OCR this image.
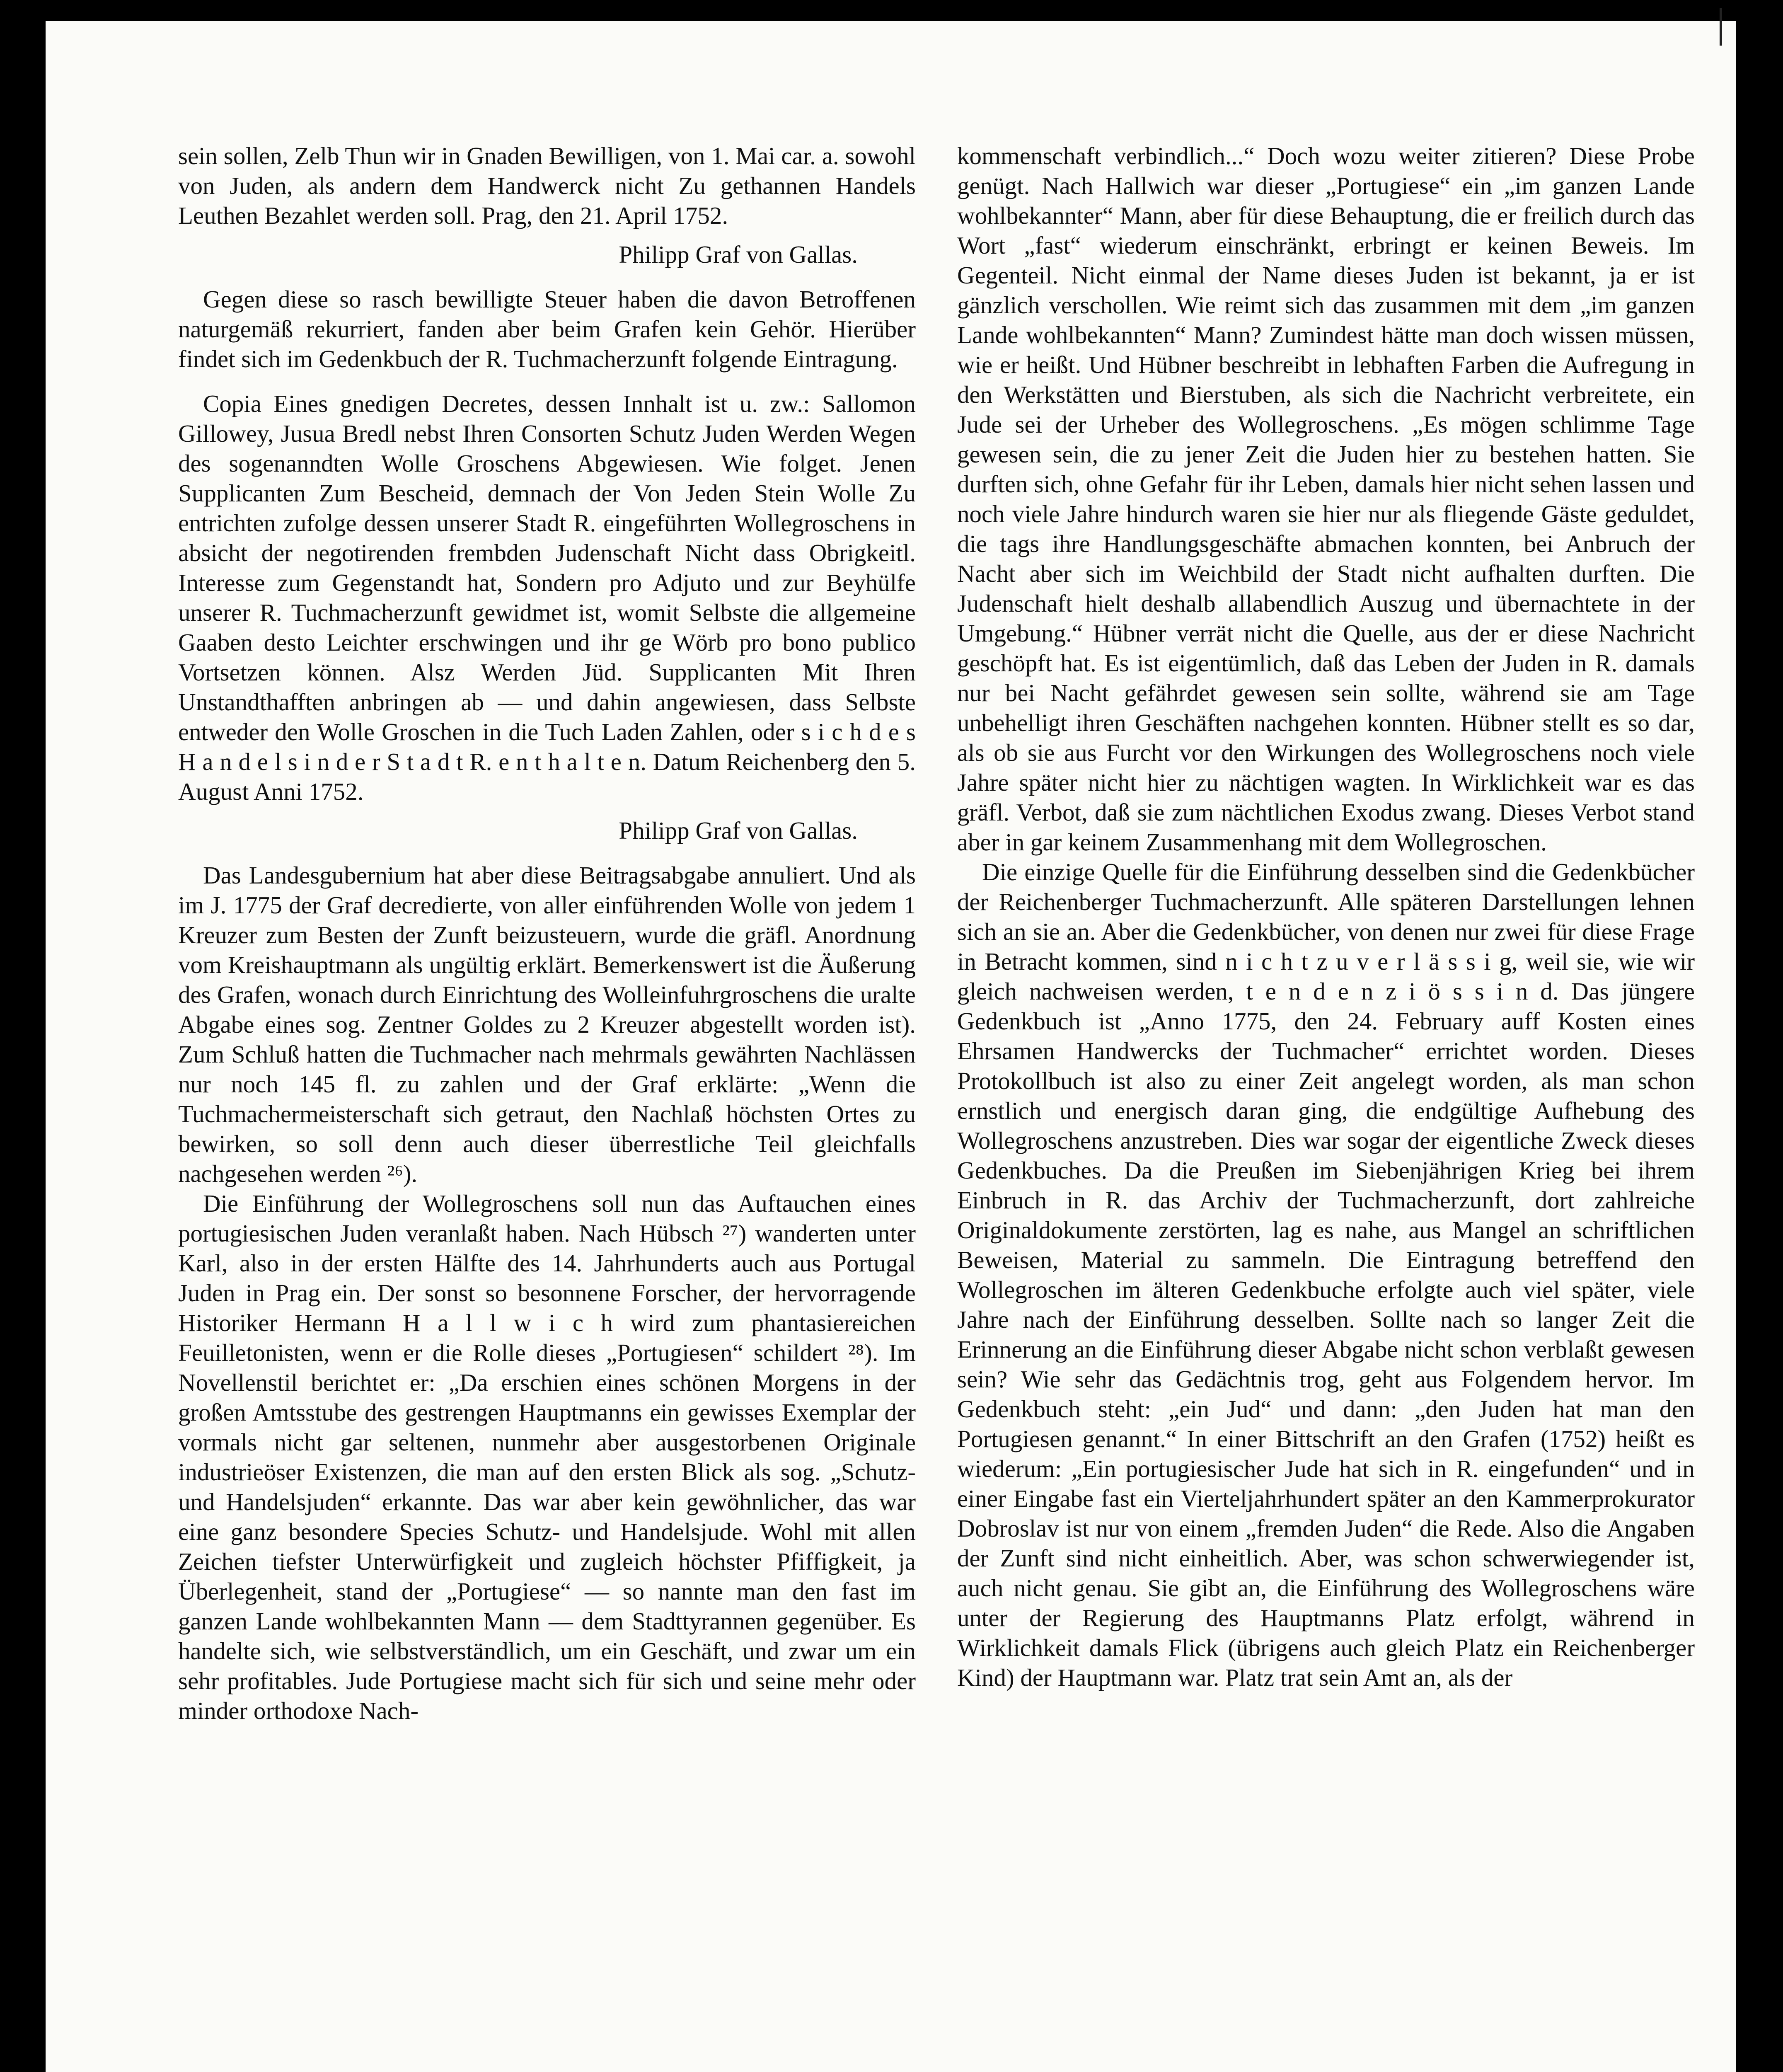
sein sollen, Zelb Thun wir in Gnaden Bewilligen, von 1. Mai car. a. sowohl von Juden, als andern dem Handwerck nicht Zu gethannen Handels Leuthen Bezahlet werden soll. Prag, den 21. April 1752.

Philipp Graf von Gallas.

Gegen diese so rasch bewilligte Steuer haben die davon Betroffenen naturgemäß rekurriert, fanden aber beim Grafen kein Gehör. Hierüber findet sich im Gedenkbuch der R. Tuchmacherzunft folgende Eintragung.

Copia Eines gnedigen Decretes, dessen Innhalt ist u. zw.: Sallomon Gillowey, Jusua Bredl nebst Ihren Consorten Schutz Juden Werden Wegen des sogenanndten Wolle Groschens Abgewiesen. Wie folget. Jenen Supplicanten Zum Bescheid, demnach der Von Jeden Stein Wolle Zu entrichten zufolge dessen unserer Stadt R. eingeführten Wollegroschens in absicht der negotirenden frembden Judenschaft Nicht dass Obrigkeitl. Interesse zum Gegenstandt hat, Sondern pro Adjuto und zur Beyhülfe unserer R. Tuchmacherzunft gewidmet ist, womit Selbste die allgemeine Gaaben desto Leichter erschwingen und ihr ge Wörb pro bono publico Vortsetzen können. Alsz Werden Jüd. Supplicanten Mit Ihren Unstandthafften anbringen ab — und dahin angewiesen, dass Selbste entweder den Wolle Groschen in die Tuch Laden Zahlen, oder s i c h d e s H a n d e l s i n d e r S t a d t R. e n t h a l t e n. Datum Reichenberg den 5. August Anni 1752.

Philipp Graf von Gallas.

Das Landesgubernium hat aber diese Beitragsabgabe annuliert. Und als im J. 1775 der Graf decredierte, von aller einführenden Wolle von jedem 1 Kreuzer zum Besten der Zunft beizusteuern, wurde die gräfl. Anordnung vom Kreishauptmann als ungültig erklärt. Bemerkenswert ist die Äußerung des Grafen, wonach durch Einrichtung des Wolleinfuhrgroschens die uralte Abgabe eines sog. Zentner Goldes zu 2 Kreuzer abgestellt worden ist). Zum Schluß hatten die Tuchmacher nach mehrmals gewährten Nachlässen nur noch 145 fl. zu zahlen und der Graf erklärte: „Wenn die Tuchmachermeisterschaft sich getraut, den Nachlaß höchsten Ortes zu bewirken, so soll denn auch dieser überrestliche Teil gleichfalls nachgesehen werden ²⁶).

Die Einführung der Wollegroschens soll nun das Auftauchen eines portugiesischen Juden veranlaßt haben. Nach Hübsch ²⁷) wanderten unter Karl, also in der ersten Hälfte des 14. Jahrhunderts auch aus Portugal Juden in Prag ein. Der sonst so besonnene Forscher, der hervorragende Historiker Hermann H a l l w i c h wird zum phantasiereichen Feuilletonisten, wenn er die Rolle dieses „Portugiesen“ schildert ²⁸). Im Novellenstil berichtet er: „Da erschien eines schönen Morgens in der großen Amtsstube des gestrengen Hauptmanns ein gewisses Exemplar der vormals nicht gar seltenen, nunmehr aber ausgestorbenen Originale industrieöser Existenzen, die man auf den ersten Blick als sog. „Schutz- und Handelsjuden“ erkannte. Das war aber kein gewöhnlicher, das war eine ganz besondere Species Schutz- und Handelsjude. Wohl mit allen Zeichen tiefster Unterwürfigkeit und zugleich höchster Pfiffigkeit, ja Überlegenheit, stand der „Portugiese“ — so nannte man den fast im ganzen Lande wohlbekannten Mann — dem Stadttyrannen gegenüber. Es handelte sich, wie selbstverständlich, um ein Geschäft, und zwar um ein sehr profitables. Jude Portugiese macht sich für sich und seine mehr oder minder orthodoxe Nach-

kommenschaft verbindlich...“ Doch wozu weiter zitieren? Diese Probe genügt. Nach Hallwich war dieser „Portugiese“ ein „im ganzen Lande wohlbekannter“ Mann, aber für diese Behauptung, die er freilich durch das Wort „fast“ wiederum einschränkt, erbringt er keinen Beweis. Im Gegenteil. Nicht einmal der Name dieses Juden ist bekannt, ja er ist gänzlich verschollen. Wie reimt sich das zusammen mit dem „im ganzen Lande wohlbekannten“ Mann? Zumindest hätte man doch wissen müssen, wie er heißt. Und Hübner beschreibt in lebhaften Farben die Aufregung in den Werkstätten und Bierstuben, als sich die Nachricht verbreitete, ein Jude sei der Urheber des Wollegroschens. „Es mögen schlimme Tage gewesen sein, die zu jener Zeit die Juden hier zu bestehen hatten. Sie durften sich, ohne Gefahr für ihr Leben, damals hier nicht sehen lassen und noch viele Jahre hindurch waren sie hier nur als fliegende Gäste geduldet, die tags ihre Handlungsgeschäfte abmachen konnten, bei Anbruch der Nacht aber sich im Weichbild der Stadt nicht aufhalten durften. Die Judenschaft hielt deshalb allabendlich Auszug und übernachtete in der Umgebung.“ Hübner verrät nicht die Quelle, aus der er diese Nachricht geschöpft hat. Es ist eigentümlich, daß das Leben der Juden in R. damals nur bei Nacht gefährdet gewesen sein sollte, während sie am Tage unbehelligt ihren Geschäften nachgehen konnten. Hübner stellt es so dar, als ob sie aus Furcht vor den Wirkungen des Wollegroschens noch viele Jahre später nicht hier zu nächtigen wagten. In Wirklichkeit war es das gräfl. Verbot, daß sie zum nächtlichen Exodus zwang. Dieses Verbot stand aber in gar keinem Zusammenhang mit dem Wollegroschen.

Die einzige Quelle für die Einführung desselben sind die Gedenkbücher der Reichenberger Tuchmacherzunft. Alle späteren Darstellungen lehnen sich an sie an. Aber die Gedenkbücher, von denen nur zwei für diese Frage in Betracht kommen, sind n i c h t z u v e r l ä s s i g, weil sie, wie wir gleich nachweisen werden, t e n d e n z i ö s s i n d. Das jüngere Gedenkbuch ist „Anno 1775, den 24. February auff Kosten eines Ehrsamen Handwercks der Tuchmacher“ errichtet worden. Dieses Protokollbuch ist also zu einer Zeit angelegt worden, als man schon ernstlich und energisch daran ging, die endgültige Aufhebung des Wollegroschens anzustreben. Dies war sogar der eigentliche Zweck dieses Gedenkbuches. Da die Preußen im Siebenjährigen Krieg bei ihrem Einbruch in R. das Archiv der Tuchmacherzunft, dort zahlreiche Originaldokumente zerstörten, lag es nahe, aus Mangel an schriftlichen Beweisen, Material zu sammeln. Die Eintragung betreffend den Wollegroschen im älteren Gedenkbuche erfolgte auch viel später, viele Jahre nach der Einführung desselben. Sollte nach so langer Zeit die Erinnerung an die Einführung dieser Abgabe nicht schon verblaßt gewesen sein? Wie sehr das Gedächtnis trog, geht aus Folgendem hervor. Im Gedenkbuch steht: „ein Jud“ und dann: „den Juden hat man den Portugiesen genannt.“ In einer Bittschrift an den Grafen (1752) heißt es wiederum: „Ein portugiesischer Jude hat sich in R. eingefunden“ und in einer Eingabe fast ein Vierteljahrhundert später an den Kammerprokurator Dobroslav ist nur von einem „fremden Juden“ die Rede. Also die Angaben der Zunft sind nicht einheitlich. Aber, was schon schwerwiegender ist, auch nicht genau. Sie gibt an, die Einführung des Wollegroschens wäre unter der Regierung des Hauptmanns Platz erfolgt, während in Wirklichkeit damals Flick (übrigens auch gleich Platz ein Reichenberger Kind) der Hauptmann war. Platz trat sein Amt an, als der
